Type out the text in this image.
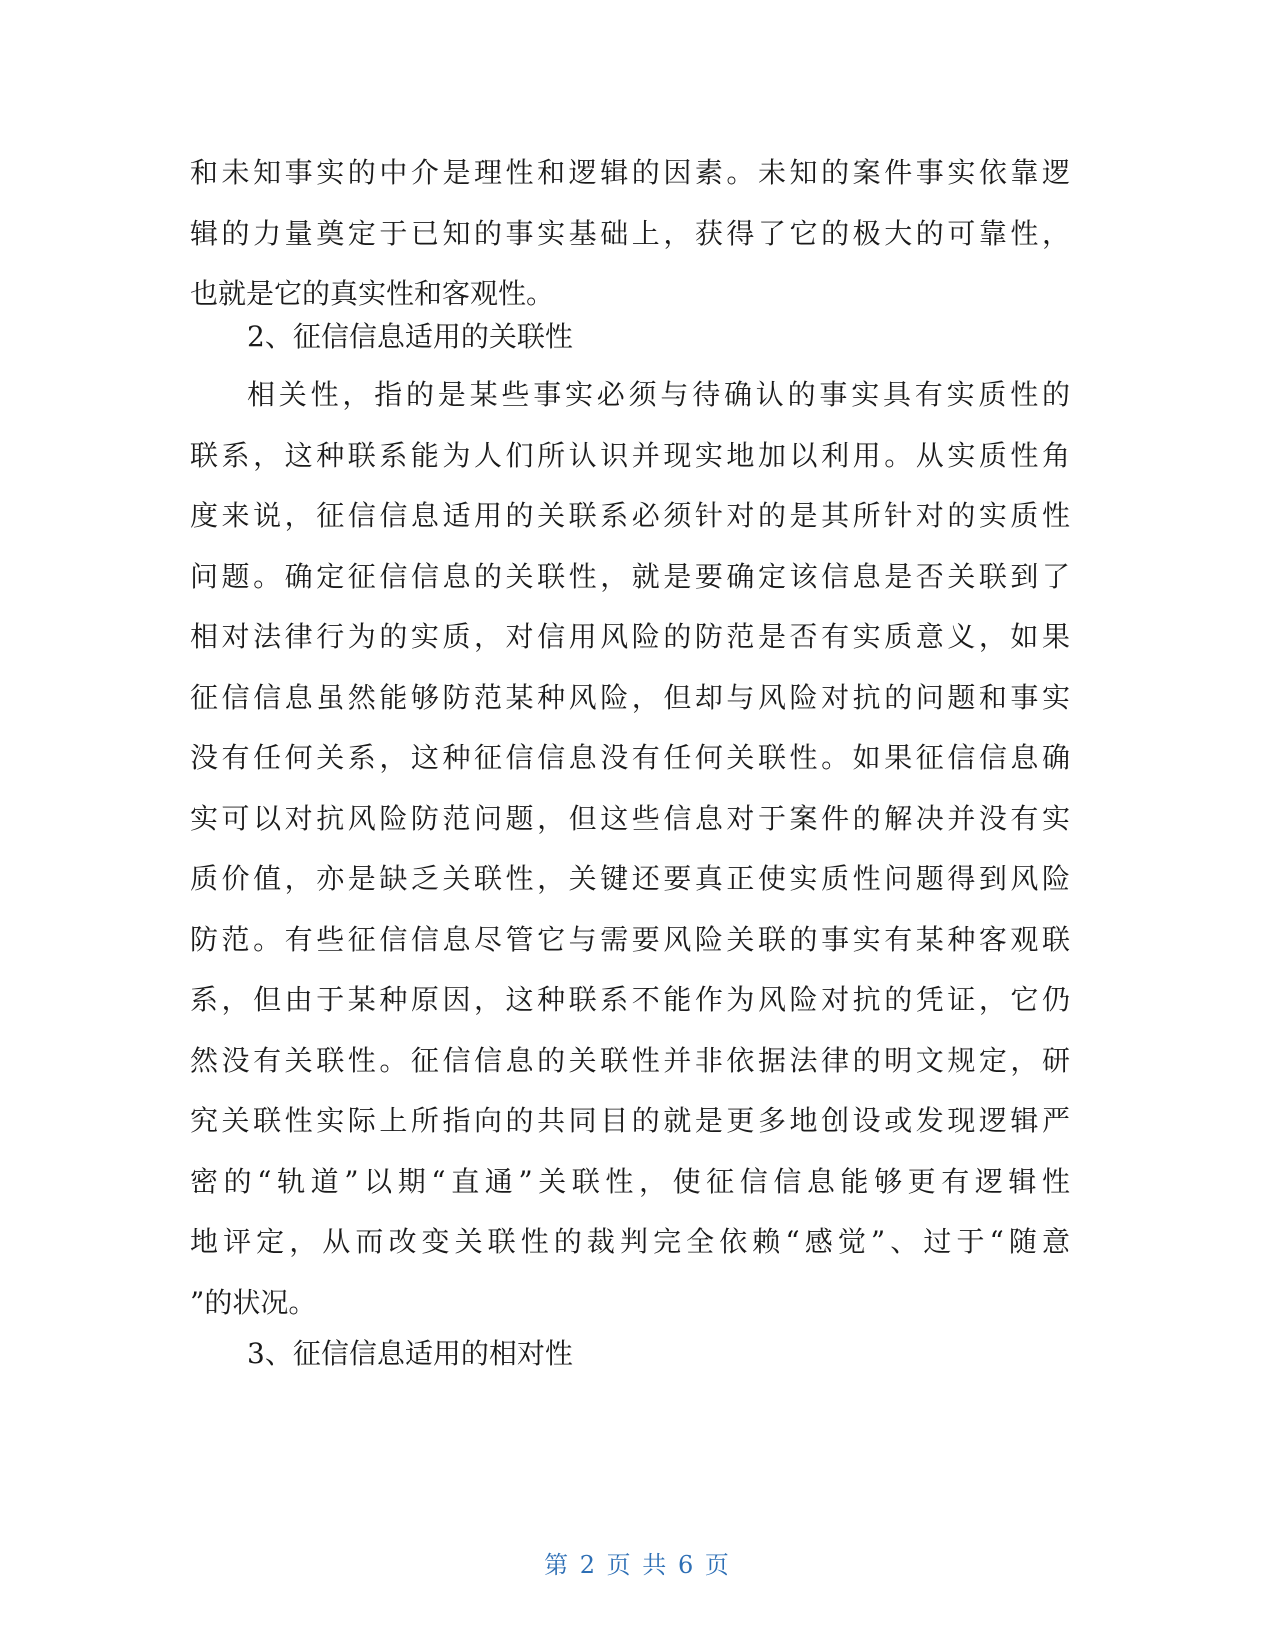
和未知事实的中介是理性和逻辑的因素。未知的案件事实依靠逻
辑的力量奠定于已知的事实基础上，获得了它的极大的可靠性，
也就是它的真实性和客观性。
2、征信信息适用的关联性
相关性，指的是某些事实必须与待确认的事实具有实质性的
联系，这种联系能为人们所认识并现实地加以利用。从实质性角
度来说，征信信息适用的关联系必须针对的是其所针对的实质性
问题。确定征信信息的关联性，就是要确定该信息是否关联到了
相对法律行为的实质，对信用风险的防范是否有实质意义，如果
征信信息虽然能够防范某种风险，但却与风险对抗的问题和事实
没有任何关系，这种征信信息没有任何关联性。如果征信信息确
实可以对抗风险防范问题，但这些信息对于案件的解决并没有实
质价值，亦是缺乏关联性，关键还要真正使实质性问题得到风险
防范。有些征信信息尽管它与需要风险关联的事实有某种客观联
系，但由于某种原因，这种联系不能作为风险对抗的凭证，它仍
然没有关联性。征信信息的关联性并非依据法律的明文规定，研
究关联性实际上所指向的共同目的就是更多地创设或发现逻辑严
密的“轨道”以期“直通”关联性，使征信信息能够更有逻辑性
地评定，从而改变关联性的裁判完全依赖“感觉”、过于“随意
”的状况。
3、征信信息适用的相对性
第 2 页 共 6 页
